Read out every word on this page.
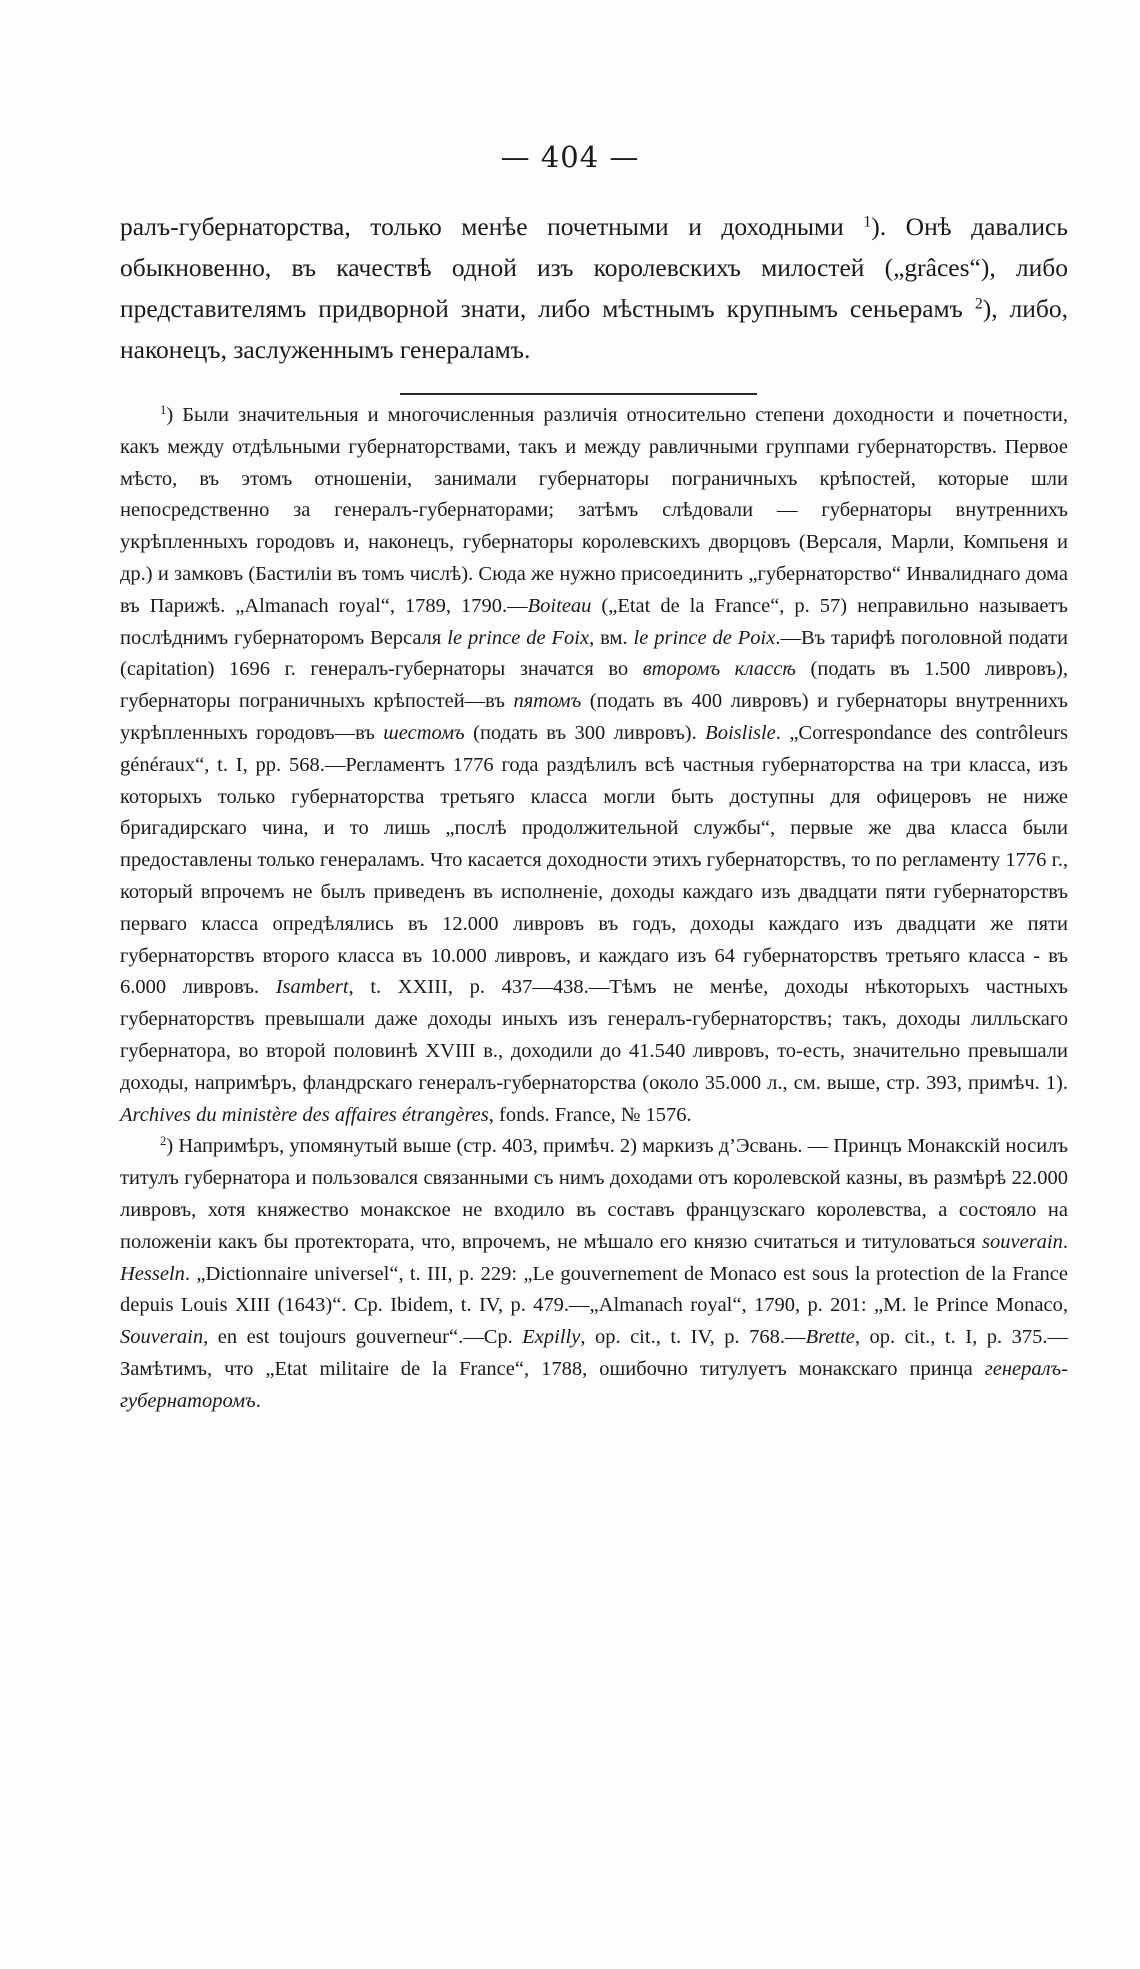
— 404 —
ралъ-губернаторства, только менѣе почетными и доходными $^1$). Онѣ давались обыкновенно, въ качествѣ одной изъ королевскихъ милостей („grâces“), либо представителямъ придворной знати, либо мѣстнымъ крупнымъ сеньерамъ $^2$), либо, наконецъ, заслуженнымъ генераламъ.

$^1$) Были значительныя и многочисленныя различія относительно степени доходности и почетности, какъ между отдѣльными губернаторствами, такъ и между равличными группами губернаторствъ. Первое мѣсто, въ этомъ отношеніи, занимали губернаторы пограничныхъ крѣпостей, которые шли непосредственно за генералъ-губернаторами; затѣмъ слѣдовали — губернаторы внутреннихъ укрѣпленныхъ городовъ и, наконецъ, губернаторы королевскихъ дворцовъ (Версаля, Марли, Компьеня и др.) и замковъ (Бастиліи въ томъ числѣ). Сюда же нужно присоединить „губернаторство“ Инвалиднаго дома въ Парижѣ. „Almanach royal“, 1789, 1790.—Boiteau („Etat de la France“, p. 57) неправильно называетъ послѣднимъ губернаторомъ Версаля le prince de Foix, вм. le prince de Poix.—Въ тарифѣ поголовной подати (capitation) 1696 г. генералъ-губернаторы значатся во второмъ классѣ (подать въ 1.500 ливровъ), губернаторы пограничныхъ крѣпостей—въ пятомъ (подать въ 400 ливровъ) и губернаторы внутреннихъ укрѣпленныхъ городовъ—въ шестомъ (подать въ 300 ливровъ). Boislisle. „Correspondance des contrôleurs généraux“, t. I, pp. 568.—Регламентъ 1776 года раздѣлилъ всѣ частныя губернаторства на три класса, изъ которыхъ только губернаторства третьяго класса могли быть доступны для офицеровъ не ниже бригадирскаго чина, и то лишь „послѣ продолжительной службы“, первые же два класса были предоставлены только генераламъ. Что касается доходности этихъ губернаторствъ, то по регламенту 1776 г., который впрочемъ не былъ приведенъ въ исполненіе, доходы каждаго изъ двадцати пяти губернаторствъ перваго класса опредѣлялись въ 12.000 ливровъ въ годъ, доходы каждаго изъ двадцати же пяти губернаторствъ второго класса въ 10.000 ливровъ, и каждаго изъ 64 губернаторствъ третьяго класса - въ 6.000 ливровъ. Isambert, t. XXIII, p. 437—438.—Тѣмъ не менѣе, доходы нѣкоторыхъ частныхъ губернаторствъ превышали даже доходы иныхъ изъ генералъ-губернаторствъ; такъ, доходы лилльскаго губернатора, во второй половинѣ XVIII в., доходили до 41.540 ливровъ, то-есть, значительно превышали доходы, напримѣръ, фландрскаго генералъ-губернаторства (около 35.000 л., см. выше, стр. 393, примѣч. 1). Archives du ministère des affaires étrangères, fonds. France, № 1576.

$^2$) Напримѣръ, упомянутый выше (стр. 403, примѣч. 2) маркизъ д’Эсвань. — Принцъ Монакскій носилъ титулъ губернатора и пользовался связанными съ нимъ доходами отъ королевской казны, въ размѣрѣ 22.000 ливровъ, хотя княжество монакское не входило въ составъ французскаго королевства, а состояло на положеніи какъ бы протектората, что, впрочемъ, не мѣшало его князю считаться и титуловаться souverain. Hesseln. „Dictionnaire universel“, t. III, p. 229: „Le gouvernement de Monaco est sous la protection de la France depuis Louis XIII (1643)“. Cp. Ibidem, t. IV, p. 479.—„Almanach royal“, 1790, p. 201: „M. le Prince Monaco, Souverain, en est toujours gouverneur“.—Cp. Expilly, op. cit., t. IV, p. 768.—Brette, op. cit., t. I, p. 375.—Замѣтимъ, что „Etat militaire de la France“, 1788, ошибочно титулуетъ монакскаго принца генералъ-губернаторомъ.
